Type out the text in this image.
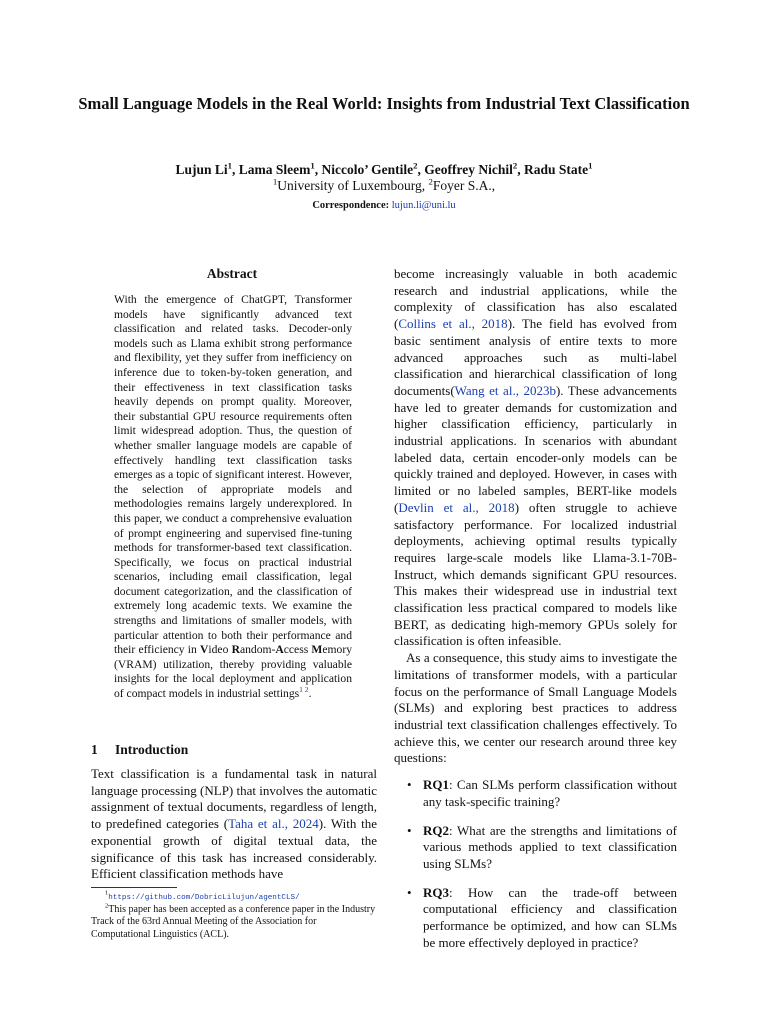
Small Language Models in the Real World: Insights from Industrial Text Classification

Lujun Li$^1$, Lama Sleem$^1$, Niccolo’ Gentile$^2$, Geoffrey Nichil$^2$, Radu State$^1$

$^1$University of Luxembourg, $^2$Foyer S.A.,

Correspondence: lujun.li@uni.lu

Abstract

With the emergence of ChatGPT, Transformer models have significantly advanced text classification and related tasks. Decoder-only models such as Llama exhibit strong performance and flexibility, yet they suffer from inefficiency on inference due to token-by-token generation, and their effectiveness in text classification tasks heavily depends on prompt quality. Moreover, their substantial GPU resource requirements often limit widespread adoption. Thus, the question of whether smaller language models are capable of effectively handling text classification tasks emerges as a topic of significant interest. However, the selection of appropriate models and methodologies remains largely underexplored. In this paper, we conduct a comprehensive evaluation of prompt engineering and supervised fine-tuning methods for transformer-based text classification. Specifically, we focus on practical industrial scenarios, including email classification, legal document categorization, and the classification of extremely long academic texts. We examine the strengths and limitations of smaller models, with particular attention to both their performance and their efficiency in Video Random-Access Memory (VRAM) utilization, thereby providing valuable insights for the local deployment and application of compact models in industrial settings$^{1 2}$.

1 Introduction

Text classification is a fundamental task in natural language processing (NLP) that involves the automatic assignment of textual documents, regardless of length, to predefined categories (Taha et al., 2024). With the exponential growth of digital textual data, the significance of this task has increased considerably. Efficient classification methods have

$^1$https://github.com/DobricLilujun/agentCLS/

$^2$This paper has been accepted as a conference paper in the Industry Track of the 63rd Annual Meeting of the Association for Computational Linguistics (ACL).

become increasingly valuable in both academic research and industrial applications, while the complexity of classification has also escalated (Collins et al., 2018). The field has evolved from basic sentiment analysis of entire texts to more advanced approaches such as multi-label classification and hierarchical classification of long documents(Wang et al., 2023b). These advancements have led to greater demands for customization and higher classification efficiency, particularly in industrial applications. In scenarios with abundant labeled data, certain encoder-only models can be quickly trained and deployed. However, in cases with limited or no labeled samples, BERT-like models (Devlin et al., 2018) often struggle to achieve satisfactory performance. For localized industrial deployments, achieving optimal results typically requires large-scale models like Llama-3.1-70B-Instruct, which demands significant GPU resources. This makes their widespread use in industrial text classification less practical compared to models like BERT, as dedicating high-memory GPUs solely for classification is often infeasible.

As a consequence, this study aims to investigate the limitations of transformer models, with a particular focus on the performance of Small Language Models (SLMs) and exploring best practices to address industrial text classification challenges effectively. To achieve this, we center our research around three key questions:

• RQ1: Can SLMs perform classification without any task-specific training?
• RQ2: What are the strengths and limitations of various methods applied to text classification using SLMs?
• RQ3: How can the trade-off between computational efficiency and classification performance be optimized, and how can SLMs be more effectively deployed in practice?
